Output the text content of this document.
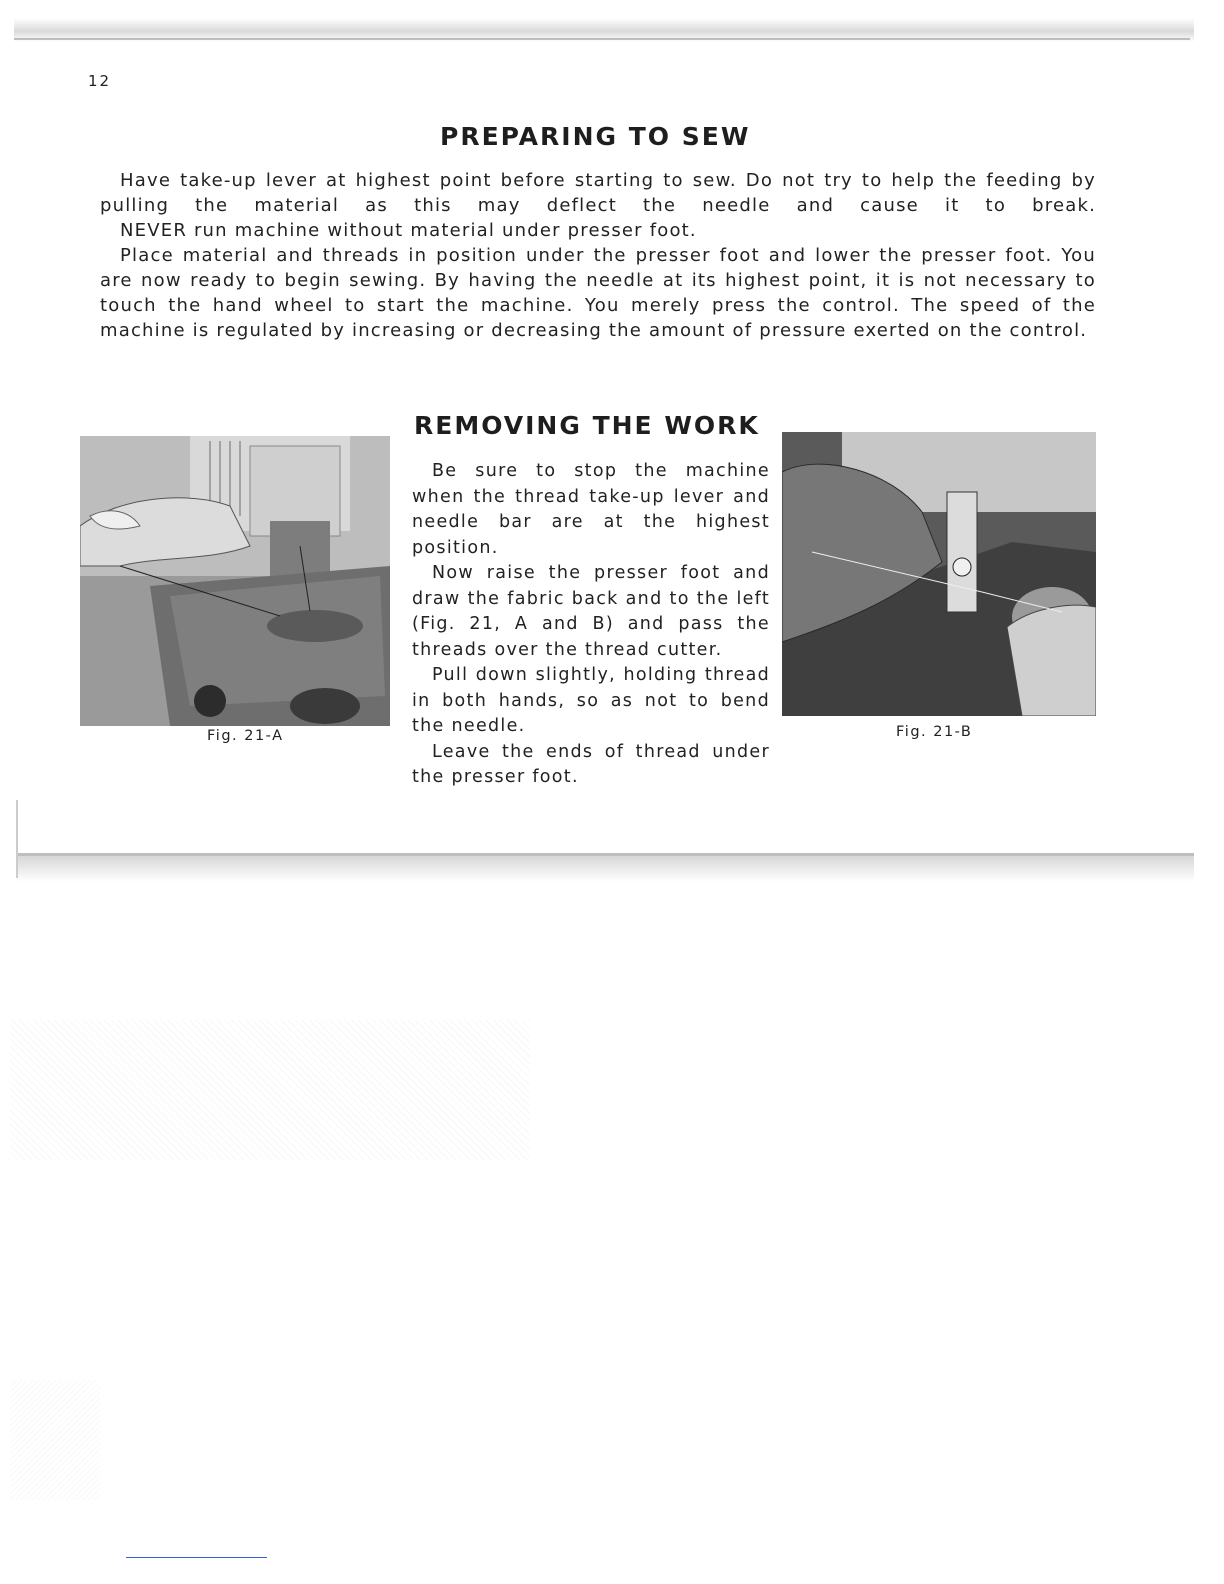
12
PREPARING TO SEW

Have take-up lever at highest point before starting to sew. Do not try to help the feeding by pulling the material as this may deflect the needle and cause it to break.

NEVER run machine without material under presser foot.

Place material and threads in position under the presser foot and lower the presser foot. You are now ready to begin sewing. By having the needle at its highest point, it is not necessary to touch the hand wheel to start the machine. You merely press the control. The speed of the machine is regulated by increasing or decreasing the amount of pressure exerted on the control.

Fig. 21-A
REMOVING THE WORK

Be sure to stop the machine when the thread take-up lever and needle bar are at the highest position.

Now raise the presser foot and draw the fabric back and to the left (Fig. 21, A and B) and pass the threads over the thread cutter.

Pull down slightly, holding thread in both hands, so as not to bend the needle.

Leave the ends of thread under the presser foot.

Fig. 21-B
